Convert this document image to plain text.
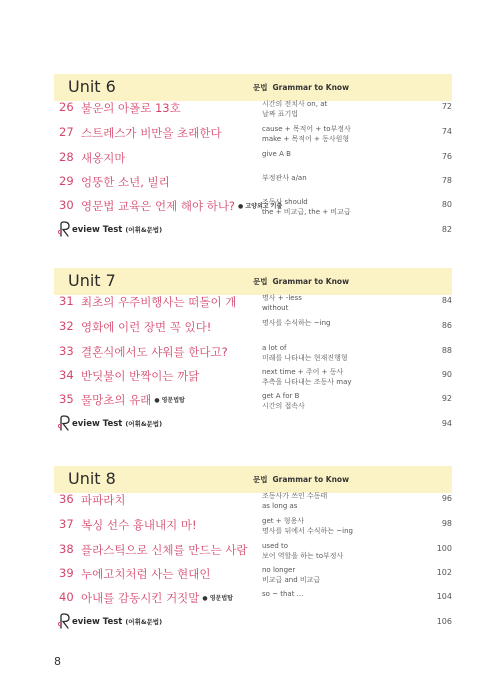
Unit 6	문법 Grammar to Know
26 불운의 아폴로 13호	시간의 전치사 on, at
날짜 표기법
72
27 스트레스가 비만을 초래한다	cause + 목적어 + to부정사
make + 목적어 + 동사원형
74
28 새옹지마	give A B	76
29 엉뚱한 소년, 빌리	부정관사 a/an	78
30 영문법 교육은 언제 해야 하나? ● 고양외고 기출
조동사 should
the + 비교급, the + 비교급
80
eview Test (어휘&문법)	82
Unit 7	문법 Grammar to Know
31 최초의 우주비행사는 떠돌이 개	명사 + -less
without
84
32 영화에 이런 장면 꼭 있다!	명사를 수식하는 ~ing	86
33 결혼식에서도 샤워를 한다고?	a lot of
미래를 나타내는 현재진행형
88
34 반딧불이 반짝이는 까닭	next time + 주어 + 동사
추측을 나타내는 조동사 may
90
35 물망초의 유래 ● 영문법탑
get A for B
시간의 접속사
92
eview Test (어휘&문법)	94
Unit 8	문법 Grammar to Know
36 파파라치	조동사가 쓰인 수동태
as long as
96
37 복싱 선수 흉내내지 마!	get + 형용사
명사를 뒤에서 수식하는 ~ing
98
38 플라스틱으로 신체를 만드는 사람 used to
보어 역할을 하는 to부정사
100
39 누에고치처럼 사는 현대인	no longer
비교급 and 비교급
102
40 아내를 감동시킨 거짓말 ● 영문법탑
so ~ that ...	104
eview Test (어휘&문법)	106
8
